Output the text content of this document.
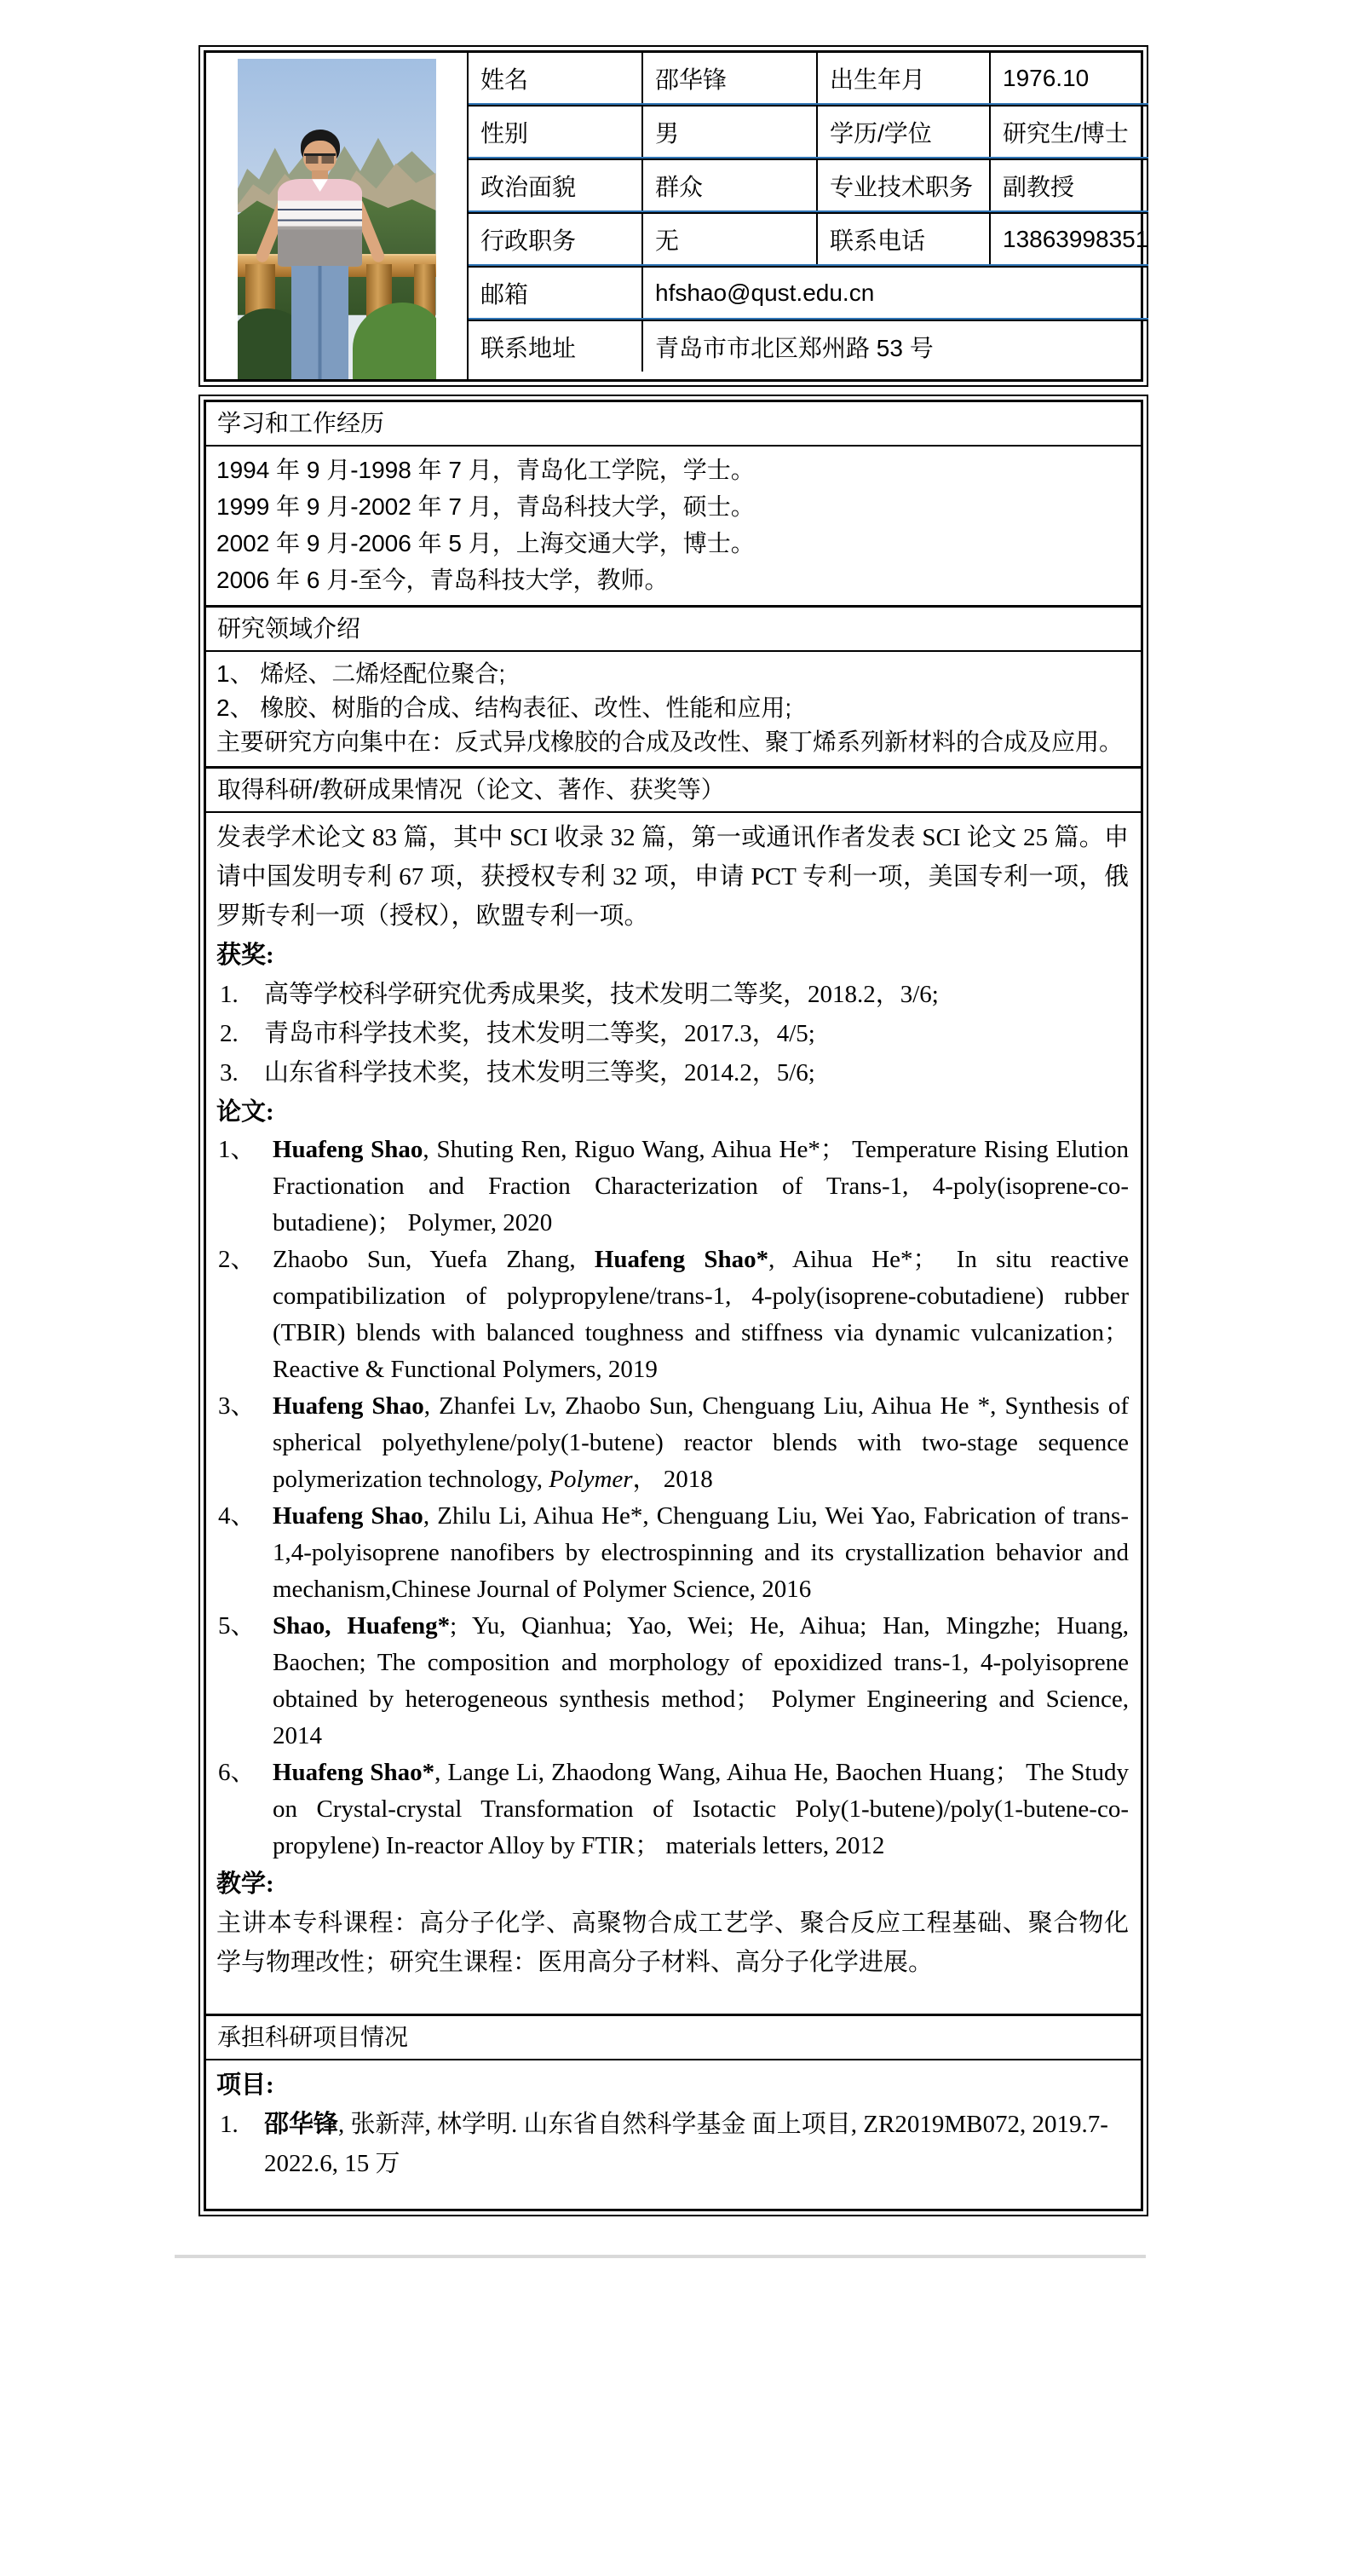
姓名	邵华锋	出生年月	1976.10
性别	男	学历/学位	研究生/博士
政治面貌	群众	专业技术职务	副教授
行政职务	无	联系电话	13863998351
邮箱	hfshao@qust.edu.cn
联系地址	青岛市市北区郑州路 53 号
学习和工作经历
1994 年 9 月-1998 年 7 月，青岛化工学院，学士。
1999 年 9 月-2002 年 7 月，青岛科技大学，硕士。
2002 年 9 月-2006 年 5 月，上海交通大学，博士。
2006 年 6 月-至今，青岛科技大学，教师。
研究领域介绍
1、 烯烃、二烯烃配位聚合;
2、 橡胶、树脂的合成、结构表征、改性、性能和应用;
主要研究方向集中在：反式异戊橡胶的合成及改性、聚丁烯系列新材料的合成及应用。
取得科研/教研成果情况（论文、著作、获奖等）
发表学术论文 83 篇，其中 SCI 收录 32 篇，第一或通讯作者发表 SCI 论文 25 篇。申请中国发明专利 67 项，获授权专利 32 项，申请 PCT 专利一项，美国专利一项，俄罗斯专利一项（授权），欧盟专利一项。
获奖:
1. 高等学校科学研究优秀成果奖，技术发明二等奖，2018.2，3/6;
2. 青岛市科学技术奖，技术发明二等奖，2017.3，4/5;
3. 山东省科学技术奖，技术发明三等奖，2014.2，5/6;
论文:
1、 Huafeng Shao, Shuting Ren, Riguo Wang, Aihua He*； Temperature Rising Elution Fractionation and Fraction Characterization of Trans-1, 4-poly(isoprene-co-butadiene)； Polymer, 2020
2、 Zhaobo Sun, Yuefa Zhang, Huafeng Shao*, Aihua He*； In situ reactive compatibilization of polypropylene/trans-1, 4-poly(isoprene-cobutadiene) rubber (TBIR) blends with balanced toughness and stiffness via dynamic vulcanization； Reactive & Functional Polymers, 2019
3、 Huafeng Shao, Zhanfei Lv, Zhaobo Sun, Chenguang Liu, Aihua He *, Synthesis of spherical polyethylene/poly(1-butene) reactor blends with two-stage sequence polymerization technology, Polymer， 2018
4、 Huafeng Shao, Zhilu Li, Aihua He*, Chenguang Liu, Wei Yao, Fabrication of trans-1,4-polyisoprene nanofibers by electrospinning and its crystallization behavior and mechanism,Chinese Journal of Polymer Science, 2016
5、 Shao, Huafeng*; Yu, Qianhua; Yao, Wei; He, Aihua; Han, Mingzhe; Huang, Baochen; The composition and morphology of epoxidized trans-1, 4-polyisoprene obtained by heterogeneous synthesis method； Polymer Engineering and Science, 2014
6、 Huafeng Shao*, Lange Li, Zhaodong Wang, Aihua He, Baochen Huang； The Study on Crystal-crystal Transformation of Isotactic Poly(1-butene)/poly(1-butene-co-propylene) In-reactor Alloy by FTIR； materials letters, 2012
教学:
主讲本专科课程：高分子化学、高聚物合成工艺学、聚合反应工程基础、聚合物化学与物理改性；研究生课程：医用高分子材料、高分子化学进展。
承担科研项目情况
项目:
1. 邵华锋, 张新萍, 林学明. 山东省自然科学基金 面上项目, ZR2019MB072, 2019.7-2022.6, 15 万
